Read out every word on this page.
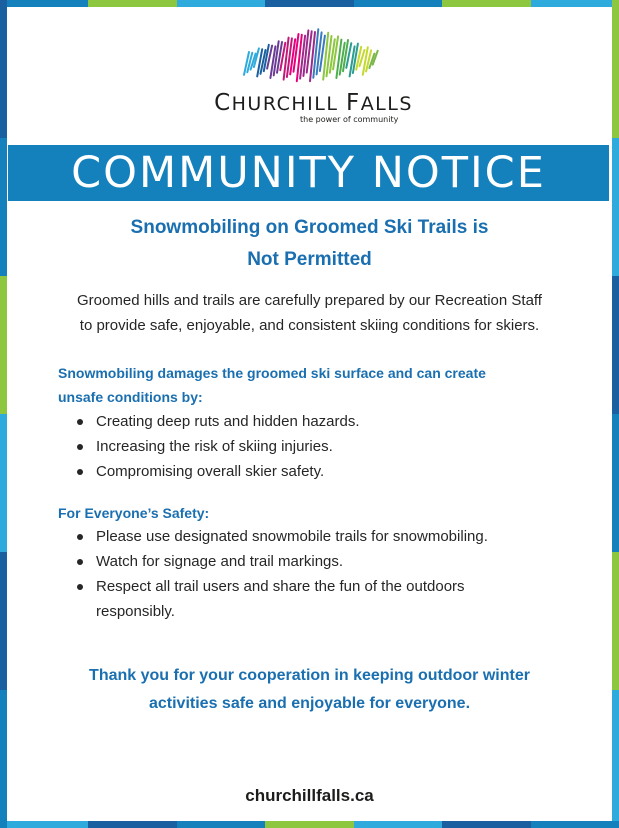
CHURCHILL FALLS
the power of community
COMMUNITY NOTICE
Snowmobiling on Groomed Ski Trails is
Not Permitted
Groomed hills and trails are carefully prepared by our Recreation Staff
to provide safe, enjoyable, and consistent skiing conditions for skiers.
Snowmobiling damages the groomed ski surface and can create
unsafe conditions by:
Creating deep ruts and hidden hazards.
Increasing the risk of skiing injuries.
Compromising overall skier safety.
For Everyone’s Safety:
Please use designated snowmobile trails for snowmobiling.
Watch for signage and trail markings.
Respect all trail users and share the fun of the outdoors
responsibly.
Thank you for your cooperation in keeping outdoor winter
activities safe and enjoyable for everyone.
churchillfalls.ca
